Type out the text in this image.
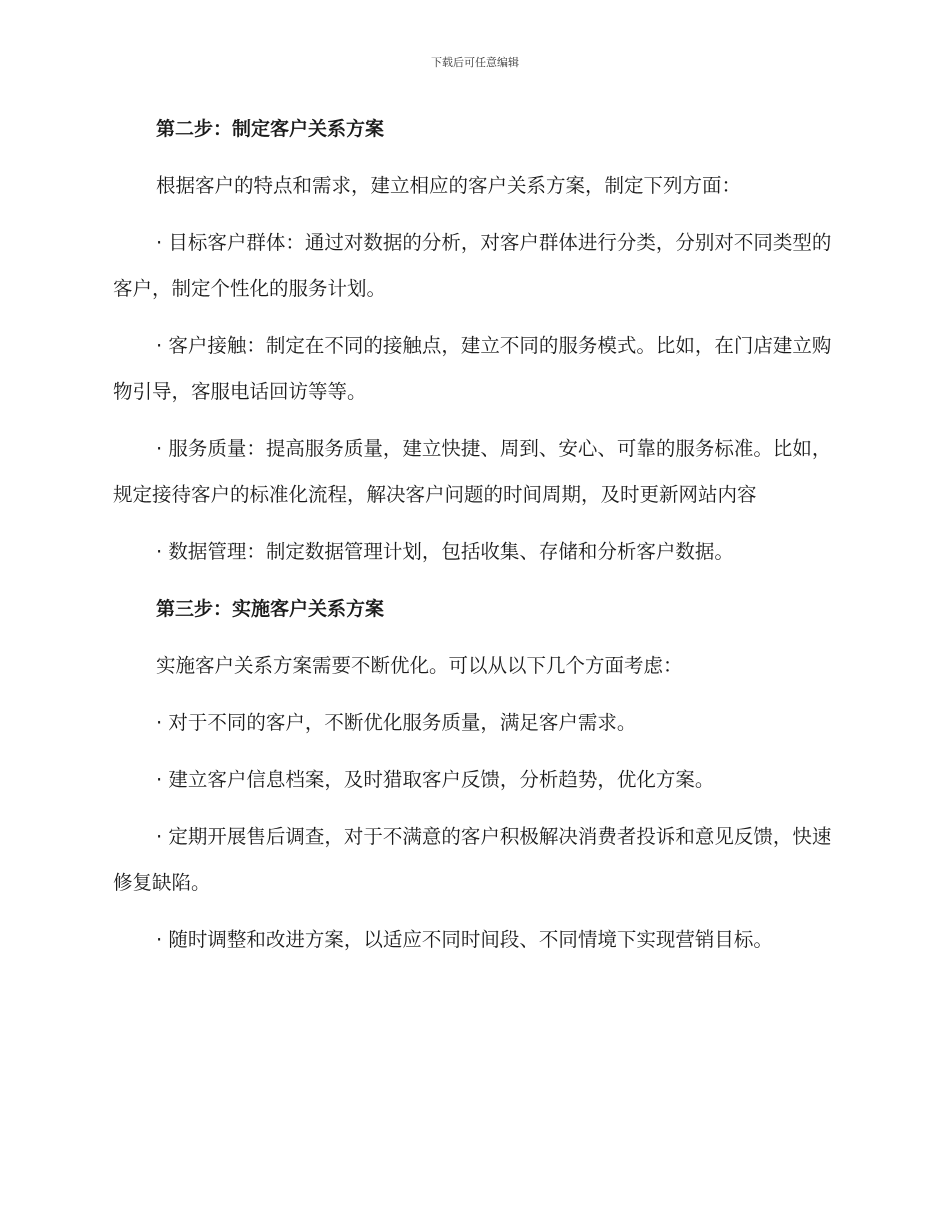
下载后可任意编辑

第二步：制定客户关系方案

根据客户的特点和需求，建立相应的客户关系方案，制定下列方面：

· 目标客户群体：通过对数据的分析，对客户群体进行分类，分别对不同类型的客户，制定个性化的服务计划。

· 客户接触：制定在不同的接触点，建立不同的服务模式。比如，在门店建立购物引导，客服电话回访等等。

· 服务质量：提高服务质量，建立快捷、周到、安心、可靠的服务标准。比如，规定接待客户的标准化流程，解决客户问题的时间周期，及时更新网站内容

· 数据管理：制定数据管理计划，包括收集、存储和分析客户数据。

第三步：实施客户关系方案

实施客户关系方案需要不断优化。可以从以下几个方面考虑：

· 对于不同的客户，不断优化服务质量，满足客户需求。

· 建立客户信息档案，及时猎取客户反馈，分析趋势，优化方案。

· 定期开展售后调查，对于不满意的客户积极解决消费者投诉和意见反馈，快速修复缺陷。

· 随时调整和改进方案，以适应不同时间段、不同情境下实现营销目标。
